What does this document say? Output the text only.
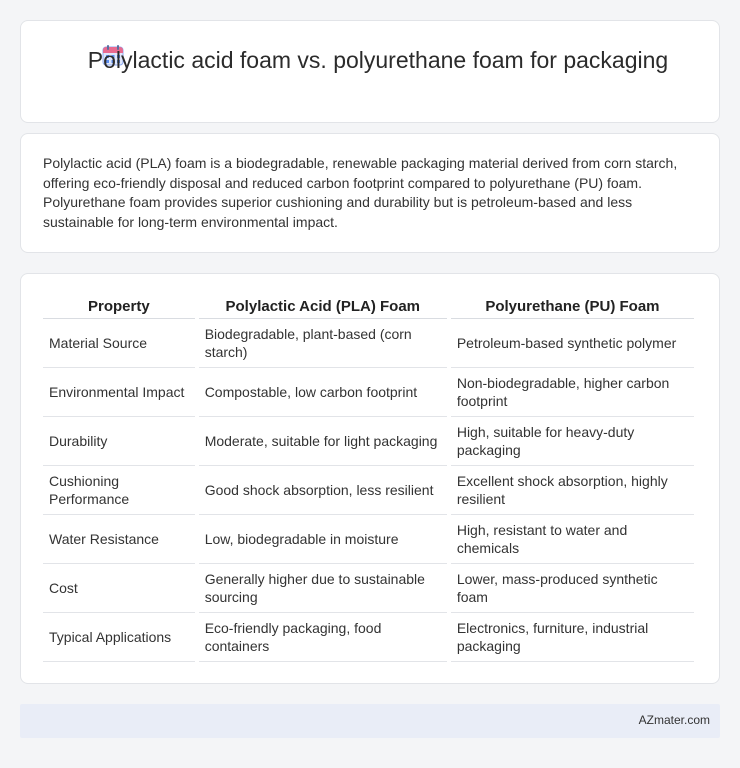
Polylactic acid foam vs. polyurethane foam for packaging

Polylactic acid (PLA) foam is a biodegradable, renewable packaging material derived from corn starch, offering eco-friendly disposal and reduced carbon footprint compared to polyurethane (PU) foam. Polyurethane foam provides superior cushioning and durability but is petroleum-based and less sustainable for long-term environmental impact.

Property	Polylactic Acid (PLA) Foam	Polyurethane (PU) Foam
Material Source	Biodegradable, plant-based (corn starch)	Petroleum-based synthetic polymer
Environmental Impact	Compostable, low carbon footprint	Non-biodegradable, higher carbon footprint
Durability	Moderate, suitable for light packaging	High, suitable for heavy-duty packaging
Cushioning Performance	Good shock absorption, less resilient	Excellent shock absorption, highly resilient
Water Resistance	Low, biodegradable in moisture	High, resistant to water and chemicals
Cost	Generally higher due to sustainable sourcing	Lower, mass-produced synthetic foam
Typical Applications	Eco-friendly packaging, food containers	Electronics, furniture, industrial packaging
AZmater.com
